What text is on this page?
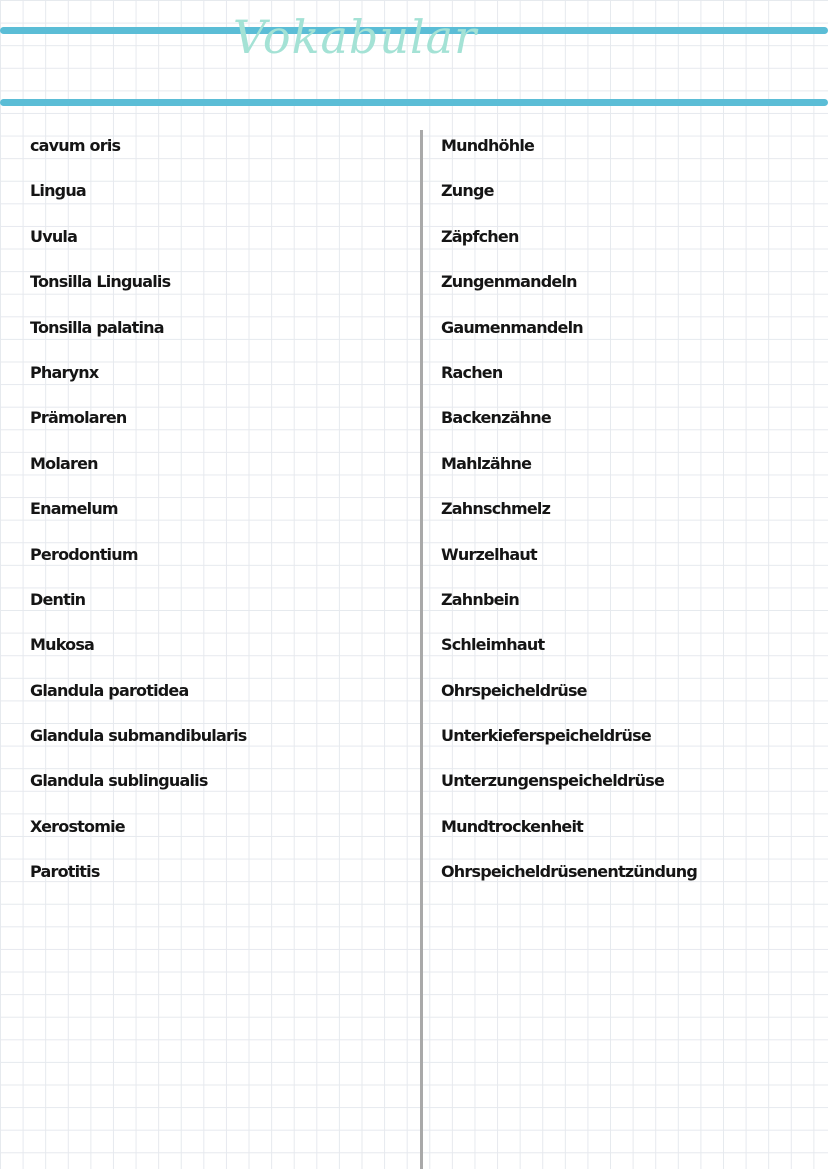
Vokabular
cavum oris
Lingua
Uvula
Tonsilla Lingualis
Tonsilla palatina
Pharynx
Prämolaren
Molaren
Enamelum
Perodontium
Dentin
Mukosa
Glandula parotidea
Glandula submandibularis
Glandula sublingualis
Xerostomie
Parotitis
Mundhöhle
Zunge
Zäpfchen
Zungenmandeln
Gaumenmandeln
Rachen
Backenzähne
Mahlzähne
Zahnschmelz
Wurzelhaut
Zahnbein
Schleimhaut
Ohrspeicheldrüse
Unterkieferspeicheldrüse
Unterzungenspeicheldrüse
Mundtrockenheit
Ohrspeicheldrüsenentzündung
